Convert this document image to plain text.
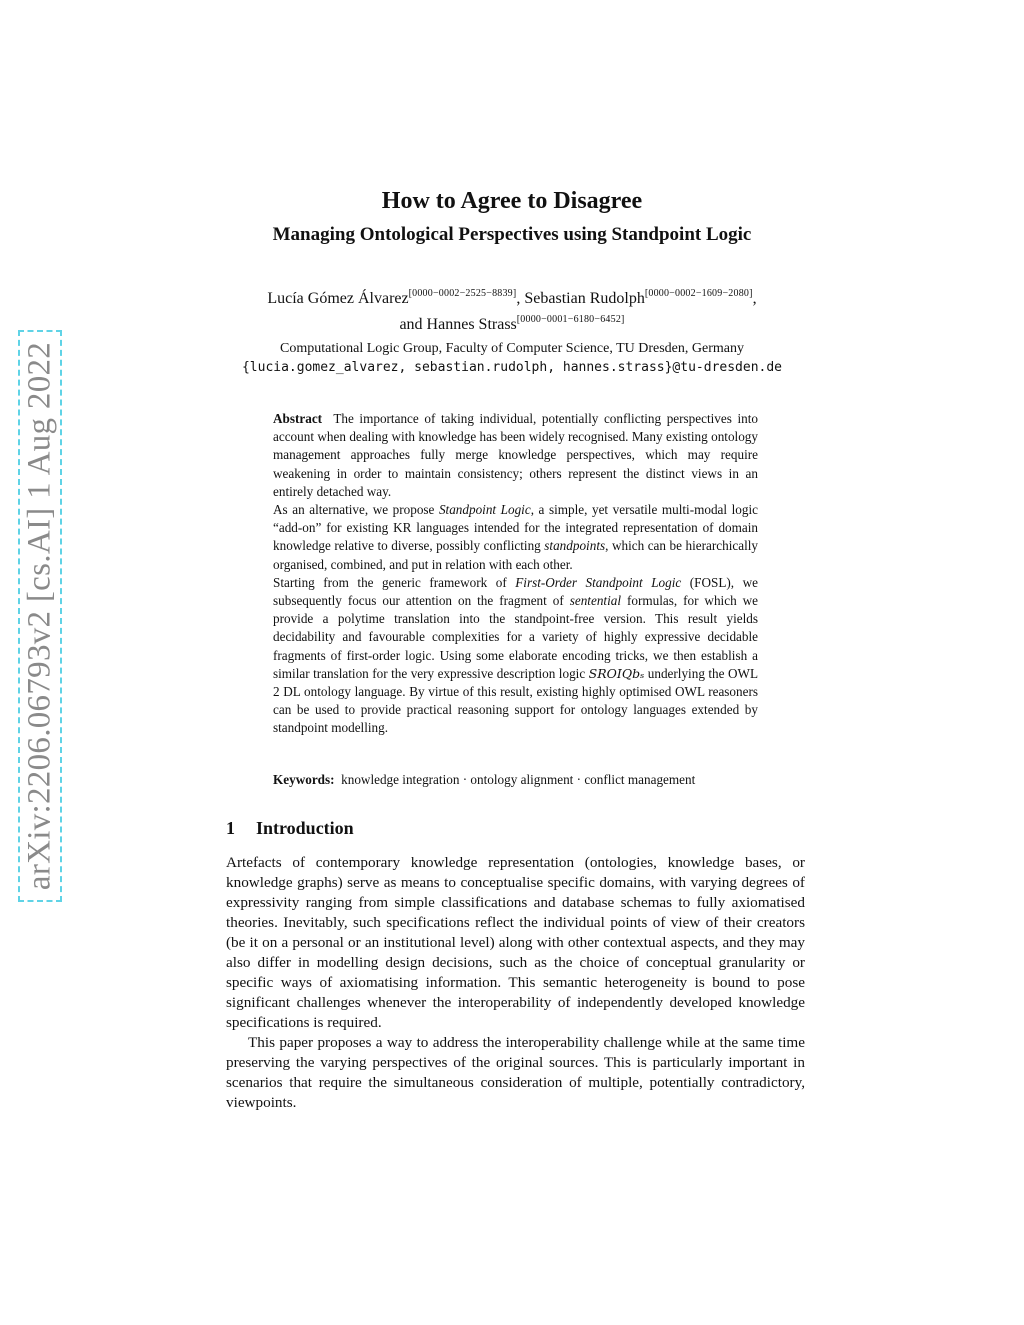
arXiv:2206.06793v2 [cs.AI] 1 Aug 2022
How to Agree to Disagree
Managing Ontological Perspectives using Standpoint Logic
Lucía Gómez Álvarez[0000−0002−2525−8839], Sebastian Rudolph[0000−0002−1609−2080],
and Hannes Strass[0000−0001−6180−6452]
Computational Logic Group, Faculty of Computer Science, TU Dresden, Germany
{lucia.gomez_alvarez, sebastian.rudolph, hannes.strass}@tu-dresden.de

Abstract The importance of taking individual, potentially conflicting perspectives into account when dealing with knowledge has been widely recognised. Many existing ontology management approaches fully merge knowledge perspectives, which may require weakening in order to maintain consistency; others represent the distinct views in an entirely detached way.

As an alternative, we propose Standpoint Logic, a simple, yet versatile multi-modal logic “add-on” for existing KR languages intended for the integrated representation of domain knowledge relative to diverse, possibly conflicting standpoints, which can be hierarchically organised, combined, and put in relation with each other.

Starting from the generic framework of First-Order Standpoint Logic (FOSL), we subsequently focus our attention on the fragment of sentential formulas, for which we provide a polytime translation into the standpoint-free version. This result yields decidability and favourable complexities for a variety of highly expressive decidable fragments of first-order logic. Using some elaborate encoding tricks, we then establish a similar translation for the very expressive description logic SROIQbₛ underlying the OWL 2 DL ontology language. By virtue of this result, existing highly optimised OWL reasoners can be used to provide practical reasoning support for ontology languages extended by standpoint modelling.

Keywords: knowledge integration · ontology alignment · conflict management
1 Introduction

Artefacts of contemporary knowledge representation (ontologies, knowledge bases, or knowledge graphs) serve as means to conceptualise specific domains, with varying degrees of expressivity ranging from simple classifications and database schemas to fully axiomatised theories. Inevitably, such specifications reflect the individual points of view of their creators (be it on a personal or an institutional level) along with other contextual aspects, and they may also differ in modelling design decisions, such as the choice of conceptual granularity or specific ways of axiomatising information. This semantic heterogeneity is bound to pose significant challenges whenever the interoperability of independently developed knowledge specifications is required.

This paper proposes a way to address the interoperability challenge while at the same time preserving the varying perspectives of the original sources. This is particularly important in scenarios that require the simultaneous consideration of multiple, potentially contradictory, viewpoints.
